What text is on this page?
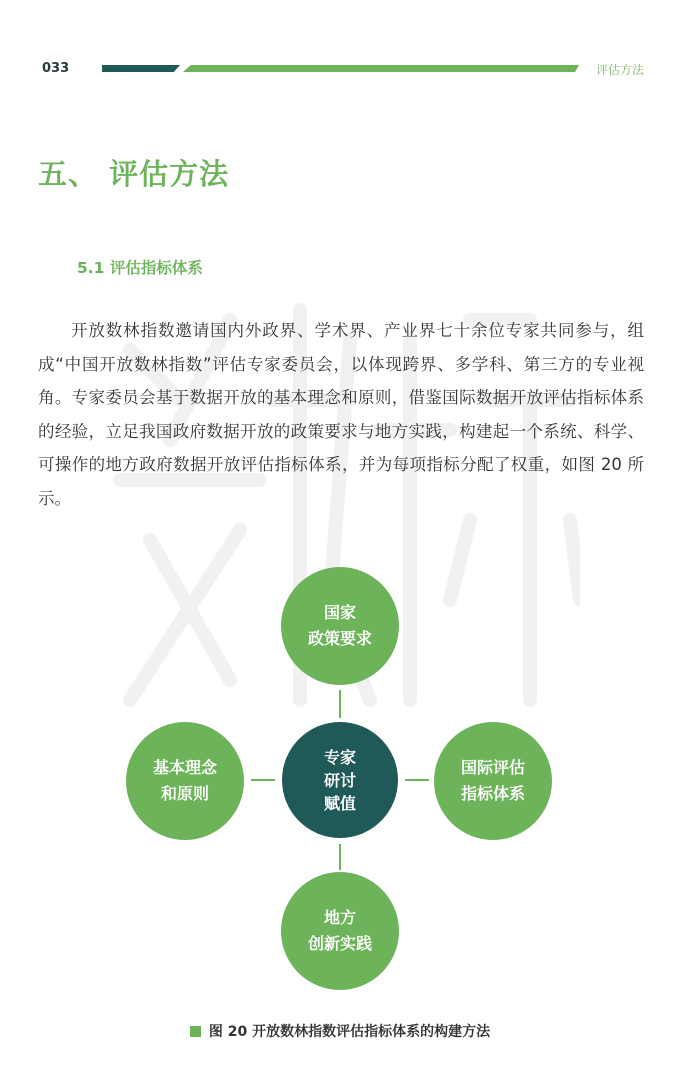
033	评估方法
五、 评估方法
5.1 评估指标体系

开放数林指数邀请国内外政界、学术界、产业界七十余位专家共同参与，组成“中国开放数林指数”评估专家委员会，以体现跨界、多学科、第三方的专业视角。专家委员会基于数据开放的基本理念和原则，借鉴国际数据开放评估指标体系的经验，立足我国政府数据开放的政策要求与地方实践，构建起一个系统、科学、可操作的地方政府数据开放评估指标体系，并为每项指标分配了权重，如图 20 所示。

国家
政策要求
基本理念
和原则
专家
研讨
赋值
国际评估
指标体系
地方
创新实践
图 20 开放数林指数评估指标体系的构建方法
